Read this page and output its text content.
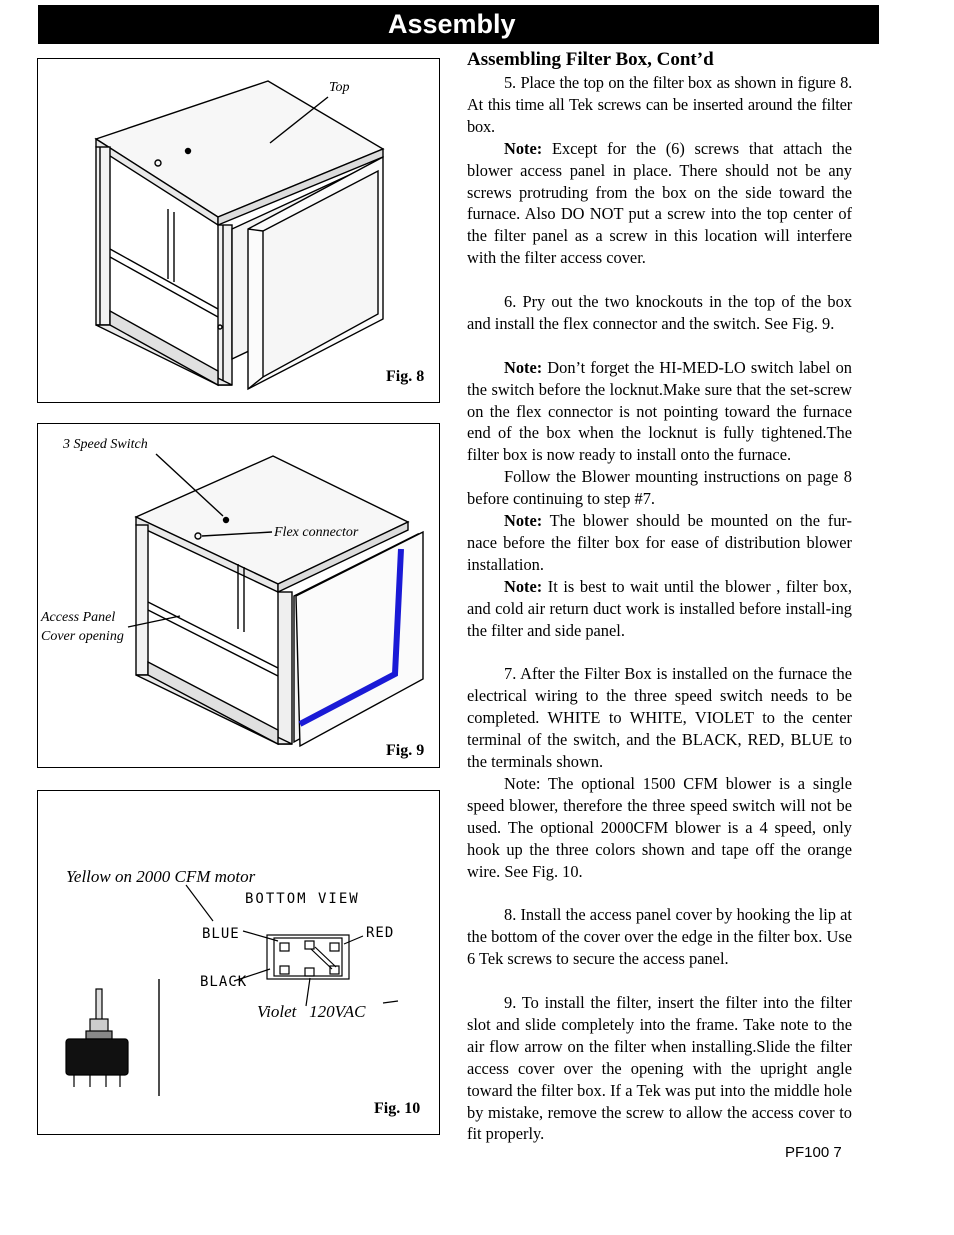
Assembly
Top
Fig. 8
3 Speed Switch
Flex connector
Access Panel
Cover opening
Fig. 9
Yellow on 2000 CFM motor
BOTTOM VIEW
BLUE	RED
BLACK
Violet   120VAC
Fig. 10

Assembling Filter Box, Cont’d

5. Place the top on the filter box as shown in figure 8. At this time all Tek screws can be inserted around the filter box.

Note: Except for the (6) screws that attach the blower access panel in place. There should not be any screws protruding from the box on the side toward the furnace. Also DO NOT put a screw into the top center of the filter panel as a screw in this location will interfere with the filter access cover.

6. Pry out the two knockouts in the top of the box and install the flex connector and the switch. See Fig. 9.

Note: Don’t forget the HI-MED-LO switch label on the switch before the locknut.Make sure that the set-screw on the flex connector is not pointing toward the furnace end of the box when the locknut is fully tightened.The filter box is now ready to install onto the furnace.

Follow the Blower mounting instructions on page 8 before continuing to step #7.

Note: The blower should be mounted on the fur-nace before the filter box for ease of distribution blower installation.

Note: It is best to wait until the blower , filter box, and cold air return duct work is installed before install-ing the filter and side panel.

7. After the Filter Box is installed on the furnace the electrical wiring to the three speed switch needs to be completed. WHITE to WHITE, VIOLET to the center terminal of the switch, and the BLACK, RED, BLUE to the terminals shown.

Note: The optional 1500 CFM blower is a single speed blower, therefore the three speed switch will not be used. The optional 2000CFM blower is a 4 speed, only hook up the three colors shown and tape off the orange wire. See Fig. 10.

8. Install the access panel cover by hooking the lip at the bottom of the cover over the edge in the filter box. Use 6 Tek screws to secure the access panel.

9. To install the filter, insert the filter into the filter slot and slide completely into the frame. Take note to the air flow arrow on the filter when installing.Slide the filter access cover over the opening with the upright angle toward the filter box. If a Tek was put into the middle hole by mistake, remove the screw to allow the access cover to fit properly.

PF100 7
